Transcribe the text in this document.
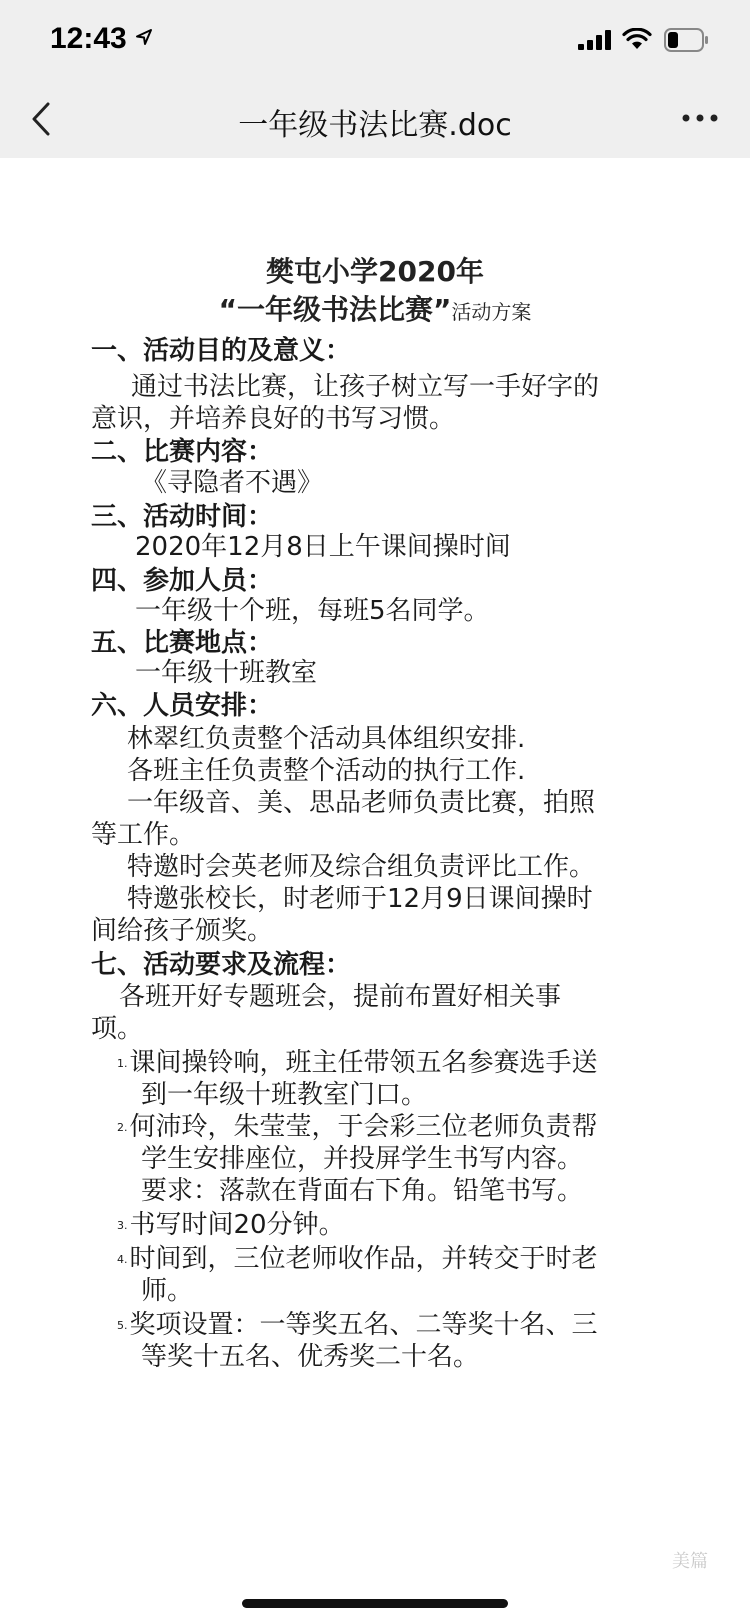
12:43
一年级书法比赛.doc
樊屯小学2020年
“一年级书法比赛”活动方案
一、活动目的及意义：
通过书法比赛，让孩子树立写一手好字的
意识，并培养良好的书写习惯。
二、比赛内容：
《寻隐者不遇》
三、活动时间：
2020年12月8日上午课间操时间
四、参加人员：
一年级十个班，每班5名同学。
五、比赛地点：
一年级十班教室
六、人员安排：
林翠红负责整个活动具体组织安排.
各班主任负责整个活动的执行工作.
一年级音、美、思品老师负责比赛，拍照
等工作。
特邀时会英老师及综合组负责评比工作。
特邀张校长，时老师于12月9日课间操时
间给孩子颁奖。
七、活动要求及流程：
各班开好专题班会，提前布置好相关事
项。
1.课间操铃响，班主任带领五名参赛选手送
到一年级十班教室门口。
2.何沛玲，朱莹莹，于会彩三位老师负责帮
学生安排座位，并投屏学生书写内容。
要求：落款在背面右下角。铅笔书写。
3.书写时间20分钟。
4.时间到，三位老师收作品，并转交于时老
师。
5.奖项设置：一等奖五名、二等奖十名、三
等奖十五名、优秀奖二十名。
美篇
